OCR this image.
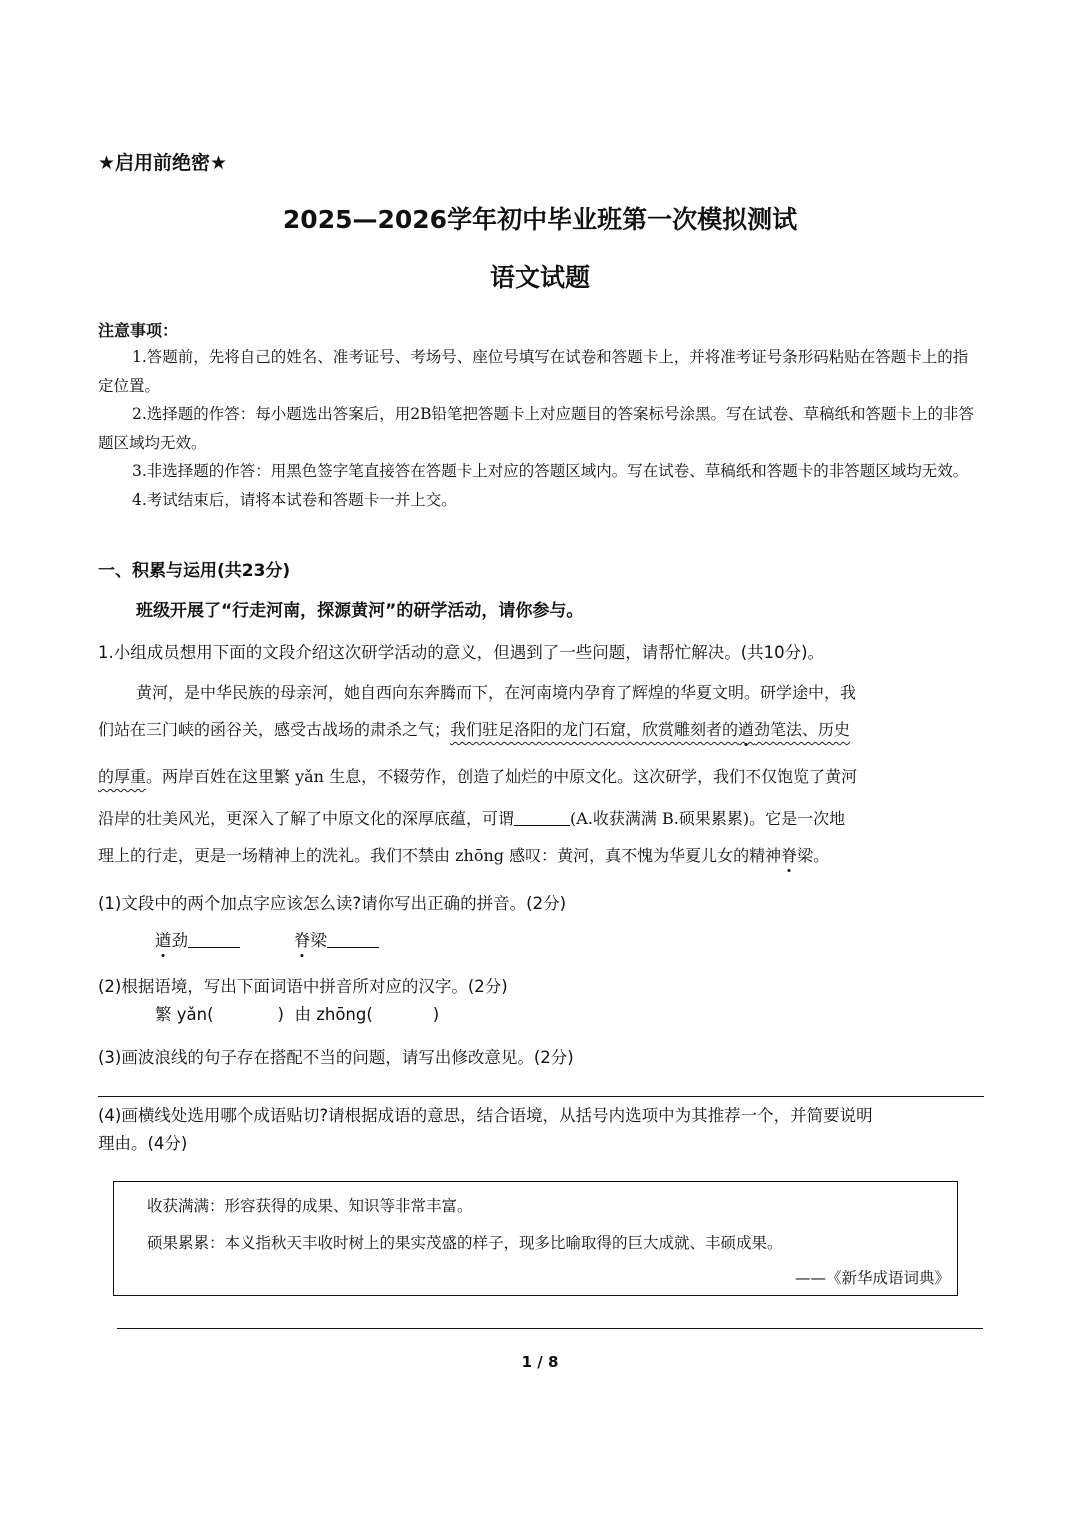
★启用前绝密★
2025—2026学年初中毕业班第一次模拟测试
语文试题
注意事项：

1.答题前，先将自己的姓名、准考证号、考场号、座位号填写在试卷和答题卡上，并将准考证号条形码粘贴在答题卡上的指定位置。

2.选择题的作答：每小题选出答案后，用2B铅笔把答题卡上对应题目的答案标号涂黑。写在试卷、草稿纸和答题卡上的非答题区域均无效。

3.非选择题的作答：用黑色签字笔直接答在答题卡上对应的答题区域内。写在试卷、草稿纸和答题卡的非答题区域均无效。

4.考试结束后，请将本试卷和答题卡一并上交。

一、积累与运用(共23分)
班级开展了“行走河南，探源黄河”的研学活动，请你参与。
1.小组成员想用下面的文段介绍这次研学活动的意义，但遇到了一些问题，请帮忙解决。(共10分)。
黄河，是中华民族的母亲河，她自西向东奔腾而下，在河南境内孕育了辉煌的华夏文明。研学途中，我
们站在三门峡的函谷关，感受古战场的肃杀之气；我们驻足洛阳的龙门石窟，欣赏雕刻者的遒劲笔法、历史
的厚重。两岸百姓在这里繁 yǎn 生息，不辍劳作，创造了灿烂的中原文化。这次研学，我们不仅饱览了黄河
沿岸的壮美风光，更深入了解了中原文化的深厚底蕴，可谓	(A.收获满满 B.硕果累累)。它是一次地
理上的行走，更是一场精神上的洗礼。我们不禁由 zhōng 感叹：黄河，真不愧为华夏儿女的精神脊梁。
(1)文段中的两个加点字应该怎么读?请你写出正确的拼音。(2分)
遒劲	脊梁
(2)根据语境，写出下面词语中拼音所对应的汉字。(2分)
繁 yǎn(	) 由 zhōng(	)
(3)画波浪线的句子存在搭配不当的问题，请写出修改意见。(2分)
(4)画横线处选用哪个成语贴切?请根据成语的意思，结合语境，从括号内选项中为其推荐一个，并简要说明
理由。(4分)
收获满满：形容获得的成果、知识等非常丰富。
硕果累累：本义指秋天丰收时树上的果实茂盛的样子，现多比喻取得的巨大成就、丰硕成果。
——《新华成语词典》
1 / 8
